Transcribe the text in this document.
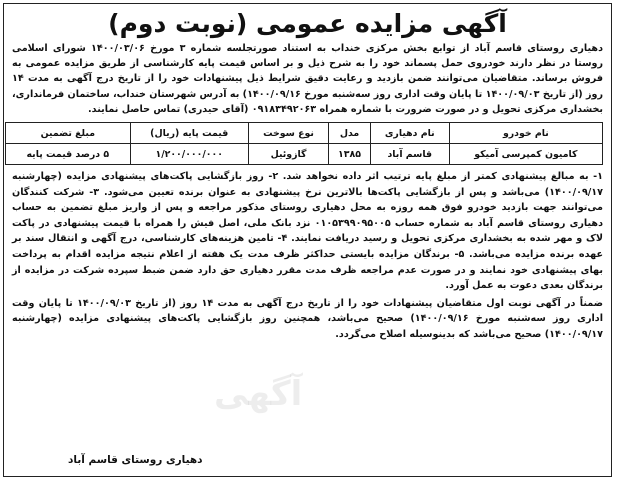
آگهی مزایده عمومی (نوبت دوم)
دهیاری روستای قاسم آباد از توابع بخش مرکزی خنداب به استناد صورتجلسه شماره ۳ مورخ ۱۴۰۰/۰۳/۰۶ شورای اسلامی روستا در نظر دارند خودروی حمل پسماند خود را به شرح ذیل و بر اساس قیمت پایه کارشناسی از طریق مزایده عمومی به فروش برساند. متقاضیان می‌توانند ضمن بازدید و رعایت دقیق شرایط ذیل پیشنهادات خود را از تاریخ درج آگهی به مدت ۱۴ روز (از تاریخ ۱۴۰۰/۰۹/۰۳ تا پایان وقت اداری روز سه‌شنبه مورخ ۱۴۰۰/۰۹/۱۶) به آدرس شهرستان خنداب، ساختمان فرمانداری، بخشداری مرکزی تحویل و در صورت ضرورت با شماره همراه ۰۹۱۸۳۴۹۲۰۶۳ (آقای حیدری) تماس حاصل نمایند.
نام خودرو	نام دهیاری	مدل	نوع سوخت	قیمت پایه (ریال)	مبلغ تضمین
کامیون کمپرسی آمیکو	قاسم آباد	۱۳۸۵	گازوئیل	۱/۲۰۰/۰۰۰/۰۰۰	۵ درصد قیمت پایه
۱- به مبالغ پیشنهادی کمتر از مبلغ پایه ترتیب اثر داده نخواهد شد. ۲- روز بازگشایی پاکت‌های پیشنهادی مزایده (چهارشنبه ۱۴۰۰/۰۹/۱۷) می‌باشد و پس از بازگشایی پاکت‌ها بالاترین نرخ پیشنهادی به عنوان برنده تعیین می‌شود. ۳- شرکت کنندگان می‌توانند جهت بازدید خودرو فوق همه روزه به محل دهیاری روستای مذکور مراجعه و پس از واریز مبلغ تضمین به حساب دهیاری روستای قاسم آباد به شماره حساب ۰۱۰۵۳۹۹۰۹۵۰۰۵ نزد بانک ملی، اصل فیش را همراه با قیمت پیشنهادی در پاکت لاک و مهر شده به بخشداری مرکزی تحویل و رسید دریافت نمایند. ۴- تامین هزینه‌های کارشناسی، درج آگهی و انتقال سند بر عهده برنده مزایده می‌باشد. ۵- برندگان مزایده بایستی حداکثر ظرف مدت یک هفته از اعلام نتیجه مزایده اقدام به پرداخت بهای پیشنهادی خود نمایند و در صورت عدم مراجعه ظرف مدت مقرر دهیاری حق دارد ضمن ضبط سپرده شرکت در مزایده از برندگان بعدی دعوت به عمل آورد.
ضمناً در آگهی نوبت اول متقاضیان پیشنهادات خود را از تاریخ درج آگهی به مدت ۱۴ روز (از تاریخ ۱۴۰۰/۰۹/۰۳ تا پایان وقت اداری روز سه‌شنبه مورخ ۱۴۰۰/۰۹/۱۶) صحیح می‌باشد، همچنین روز بازگشایی پاکت‌های پیشنهادی مزایده (چهارشنبه ۱۴۰۰/۰۹/۱۷) صحیح می‌باشد که بدینوسیله اصلاح می‌گردد.
دهیاری روستای قاسم آباد
آگهی
